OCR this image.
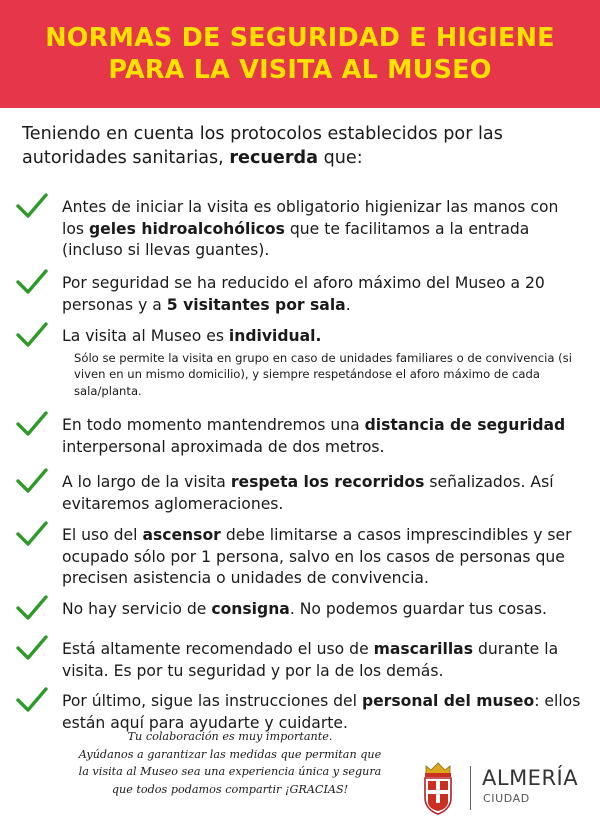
NORMAS DE SEGURIDAD E HIGIENE
PARA LA VISITA AL MUSEO
Teniendo en cuenta los protocolos establecidos por las autoridades sanitarias, recuerda que:
Antes de iniciar la visita es obligatorio higienizar las manos con los geles hidroalcohólicos que te facilitamos a la entrada (incluso si llevas guantes).
Por seguridad se ha reducido el aforo máximo del Museo a 20 personas y a 5 visitantes por sala.
La visita al Museo es individual.
Sólo se permite la visita en grupo en caso de unidades familiares o de convivencia (si viven en un mismo domicilio), y siempre respetándose el aforo máximo de cada sala/planta.
En todo momento mantendremos una distancia de seguridad interpersonal aproximada de dos metros.
A lo largo de la visita respeta los recorridos señalizados. Así evitaremos aglomeraciones.
El uso del ascensor debe limitarse a casos imprescindibles y ser ocupado sólo por 1 persona, salvo en los casos de personas que precisen asistencia o unidades de convivencia.
No hay servicio de consigna. No podemos guardar tus cosas.
Está altamente recomendado el uso de mascarillas durante la visita. Es por tu seguridad y por la de los demás.
Por último, sigue las instrucciones del personal del museo: ellos están aquí para ayudarte y cuidarte.
Tu colaboración es muy importante.
Ayúdanos a garantizar las medidas que permitan que
la visita al Museo sea una experiencia única y segura
que todos podamos compartir ¡GRACIAS!	ALMERÍA
CIUDAD
